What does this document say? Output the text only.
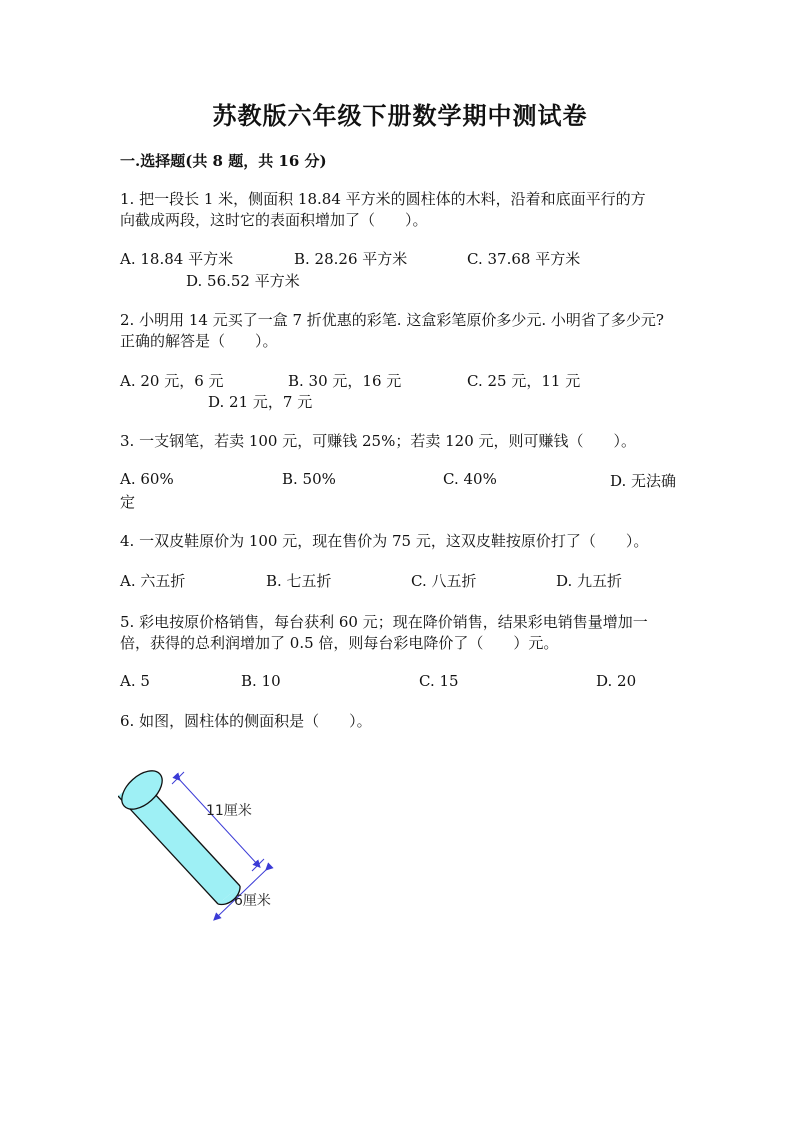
苏教版六年级下册数学期中测试卷
一.选择题(共 8 题，共 16 分)
1. 把一段长 1 米，侧面积 18.84 平方米的圆柱体的木料，沿着和底面平行的方
向截成两段，这时它的表面积增加了（　　）。
A. 18.84 平方米	B. 28.26 平方米	C. 37.68 平方米
D. 56.52 平方米
2. 小明用 14 元买了一盒 7 折优惠的彩笔. 这盒彩笔原价多少元. 小明省了多少元?
正确的解答是（　　）。
A. 20 元，6 元	B. 30 元，16 元	C. 25 元，11 元
D. 21 元，7 元
3. 一支钢笔，若卖 100 元，可赚钱 25%；若卖 120 元，则可赚钱（　　）。
A. 60%	B. 50%	C. 40%	D. 无法确
定
4. 一双皮鞋原价为 100 元，现在售价为 75 元，这双皮鞋按原价打了（　　）。
A. 六五折	B. 七五折	C. 八五折	D. 九五折
5. 彩电按原价格销售，每台获利 60 元；现在降价销售，结果彩电销售量增加一
倍，获得的总利润增加了 0.5 倍，则每台彩电降价了（　　）元。
A. 5	B. 10	C. 15	D. 20
6. 如图，圆柱体的侧面积是（　　）。
11厘米
6厘米
